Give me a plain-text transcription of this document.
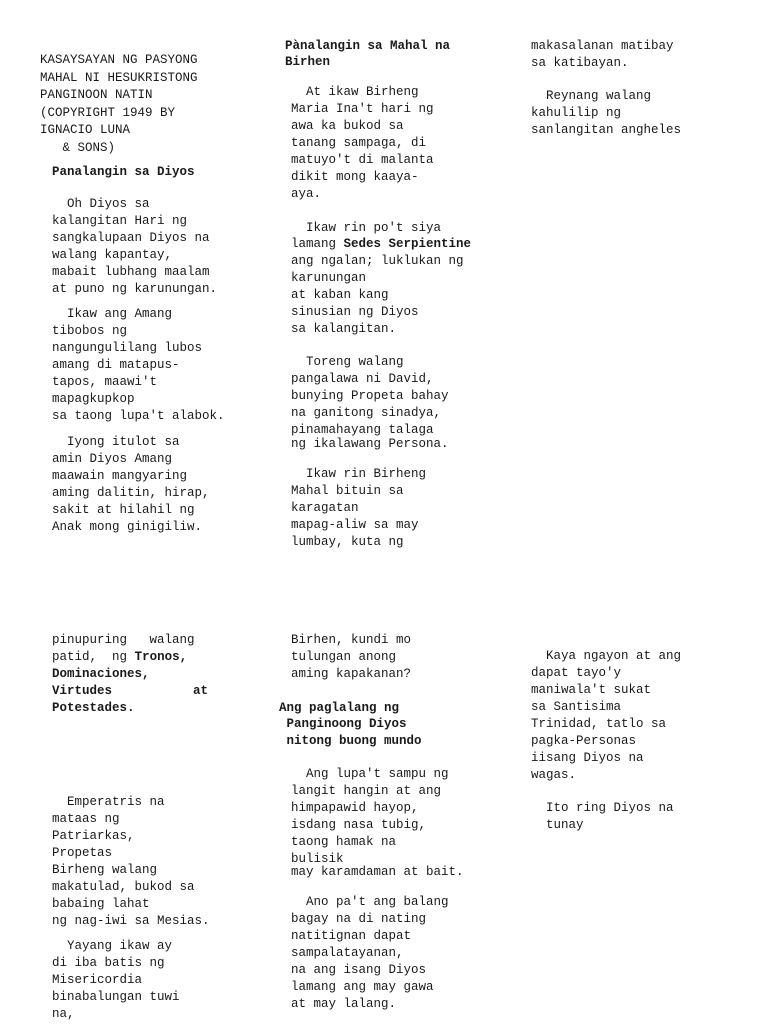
KASAYSAYAN NG PASYONG
MAHAL NI HESUKRISTONG
PANGINOON NATIN
(COPYRIGHT 1949 BY
IGNACIO LUNA
& SONS)
Panalangin sa Diyos
Oh Diyos sa
kalangitan Hari ng
sangkalupaan Diyos na
walang kapantay,
mabait lubhang maalam
at puno ng karunungan.
Ikaw ang Amang
tibobos ng
nangungulilang lubos
amang di matapus-
tapos, maawi't
mapagkupkop
sa taong lupa't alabok.
Iyong itulot sa
amin Diyos Amang
maawain mangyaring
aming dalitin, hirap,
sakit at hilahil ng
Anak mong ginigiliw.
Pànalangin sa Mahal na
Birhen
At ikaw Birheng
Maria Ina't hari ng
awa ka bukod sa
tanang sampaga, di
matuyo't di malanta
dikit mong kaaya-
aya.
Ikaw rin po't siya
lamang Sedes Serpientine
ang ngalan; luklukan ng
karunungan
at kaban kang
sinusian ng Diyos
sa kalangitan.
Toreng walang
pangalawa ni David,
bunying Propeta bahay
na ganitong sinadya,
pinamahayang talaga
ng ikalawang Persona.
Ikaw rin Birheng
Mahal bituin sa
karagatan
mapag-aliw sa may
lumbay, kuta ng
makasalanan matibay
sa katibayan.
Reynang walang
kahulilip ng
sanlangitan angheles
pinupuring walang
patid, ng Tronos,
Dominaciones,
Virtudes	at
Potestades.
Emperatris na
mataas ng
Patriarkas,
Propetas
Birheng walang
makatulad, bukod sa
babaing lahat
ng nag-iwi sa Mesias.
Yayang ikaw ay
di iba batis ng
Misericordia
binabalungan tuwi
na,
Birhen, kundi mo
tulungan anong
aming kapakanan?
Ang paglalang ng
Panginoong Diyos
nitong buong mundo
Ang lupa't sampu ng
langit hangin at ang
himpapawid hayop,
isdang nasa tubig,
taong hamak na
bulisik
may karamdaman at bait.
Ano pa't ang balang
bagay na di nating
natitignan dapat
sampalatayanan,
na ang isang Diyos
lamang ang may gawa
at may lalang.
Kaya ngayon at ang
dapat tayo'y
maniwala't sukat
sa Santisima
Trinidad, tatlo sa
pagka-Personas
iisang Diyos na
wagas.
Ito ring Diyos na
tunay
